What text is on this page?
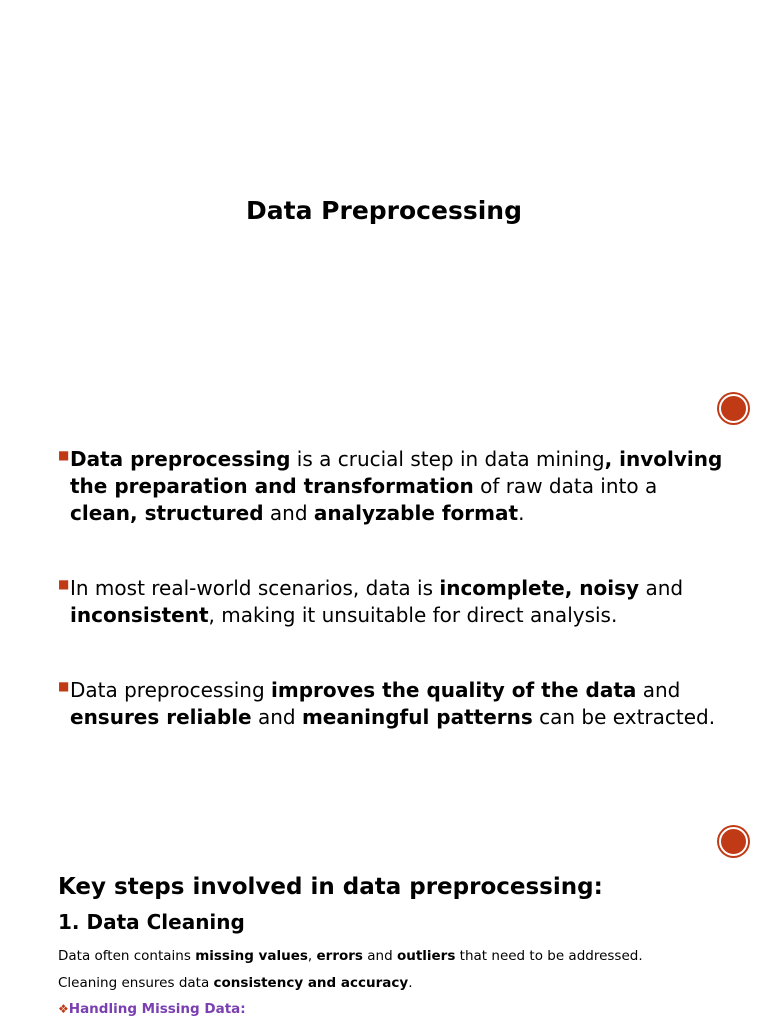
Data Preprocessing
■ Data preprocessing is a crucial step in data mining, involving the preparation and transformation of raw data into a clean, structured and analyzable format.
■ In most real-world scenarios, data is incomplete, noisy and inconsistent, making it unsuitable for direct analysis.
■ Data preprocessing improves the quality of the data and ensures reliable and meaningful patterns can be extracted.
Key steps involved in data preprocessing:
1. Data Cleaning

Data often contains missing values, errors and outliers that need to be addressed.

Cleaning ensures data consistency and accuracy.

❖Handling Missing Data:
